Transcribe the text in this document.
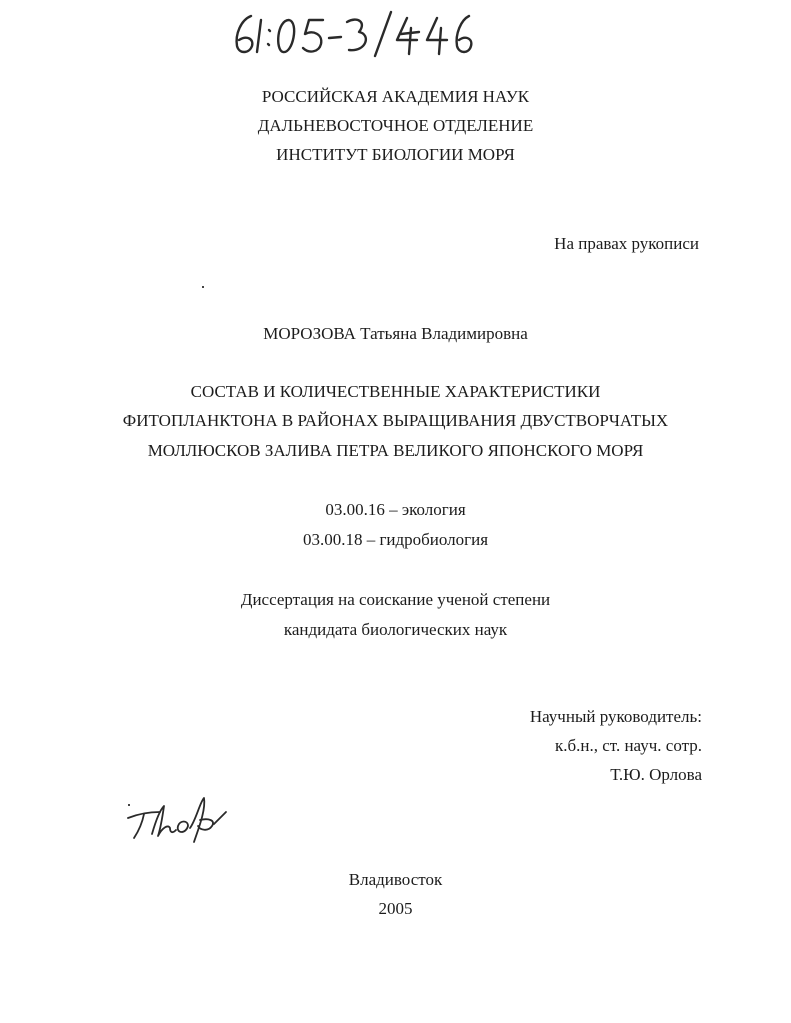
РОССИЙСКАЯ АКАДЕМИЯ НАУК
ДАЛЬНЕВОСТОЧНОЕ ОТДЕЛЕНИЕ
ИНСТИТУТ БИОЛОГИИ МОРЯ
На правах рукописи
МОРОЗОВА Татьяна Владимировна
СОСТАВ И КОЛИЧЕСТВЕННЫЕ ХАРАКТЕРИСТИКИ
ФИТОПЛАНКТОНА В РАЙОНАХ ВЫРАЩИВАНИЯ ДВУСТВОРЧАТЫХ
МОЛЛЮСКОВ ЗАЛИВА ПЕТРА ВЕЛИКОГО ЯПОНСКОГО МОРЯ
03.00.16 – экология
03.00.18 – гидробиология
Диссертация на соискание ученой степени
кандидата биологических наук
Научный руководитель:
к.б.н., ст. науч. сотр.
Т.Ю. Орлова
Владивосток
2005
